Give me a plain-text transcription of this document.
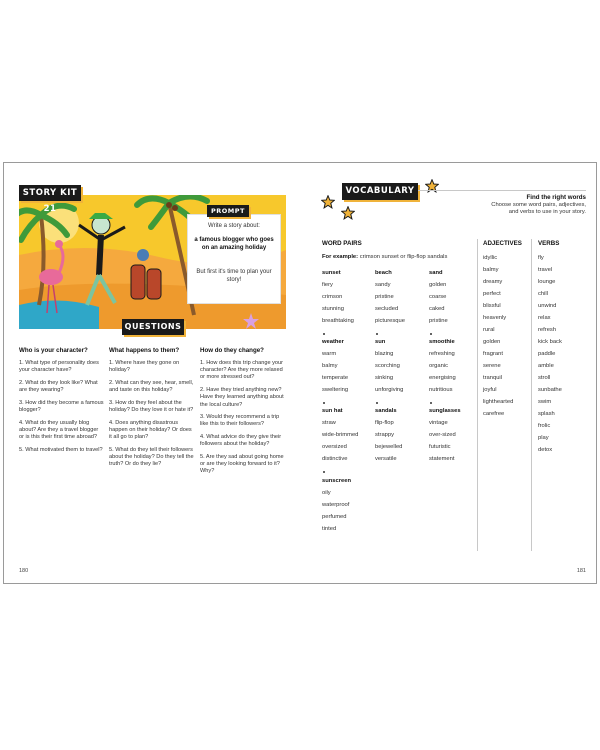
Write a story about:
a famous blogger who goes on an amazing holiday
But first it's time to plan your story!
PROMPT
STORY KIT 21
QUESTIONS
Who is your character?

1. What type of personality does your character have?

2. What do they look like? What are they wearing?

3. How did they become a famous blogger?

4. What do they usually blog about? Are they a travel blogger or is this their first time abroad?

5. What motivated them to travel?

What happens to them?

1. Where have they gone on holiday?

2. What can they see, hear, smell, and taste on this holiday?

3. How do they feel about the holiday? Do they love it or hate it?

4. Does anything disastrous happen on their holiday? Or does it all go to plan?

5. What do they tell their followers about the holiday? Do they tell the truth? Or do they lie?

How do they change?

1. How does this trip change your character? Are they more relaxed or more stressed out?

2. Have they tried anything new? Have they learned anything about the local culture?

3. Would they recommend a trip like this to their followers?

4. What advice do they give their followers about the holiday?

5. Are they sad about going home or are they looking forward to it? Why?

180
VOCABULARY
Find the right words
Choose some word pairs, adjectives,
and verbs to use in your story.
WORD PAIRS
For example: crimson sunset or flip-flop sandals
ADJECTIVES	VERBS
sunset
fiery
crimson
stunning
breathtaking
beach
sandy
pristine
secluded
picturesque
sand
golden
coarse
caked
pristine
weather
warm
balmy
temperate
sweltering
sun
blazing
scorching
sinking
unforgiving
smoothie
refreshing
organic
energising
nutritious
sun hat
straw
wide-brimmed
oversized
distinctive
sandals
flip-flop
strappy
bejewelled
versatile
sunglasses
vintage
over-sized
futuristic
statement
sunscreen
oily
waterproof
perfumed
tinted
idyllic
balmy
dreamy
perfect
blissful
heavenly
rural
golden
fragrant
serene
tranquil
joyful
lighthearted
carefree
fly
travel
lounge
chill
unwind
relax
refresh
kick back
paddle
amble
stroll
sunbathe
swim
splash
frolic
play
detox
181
